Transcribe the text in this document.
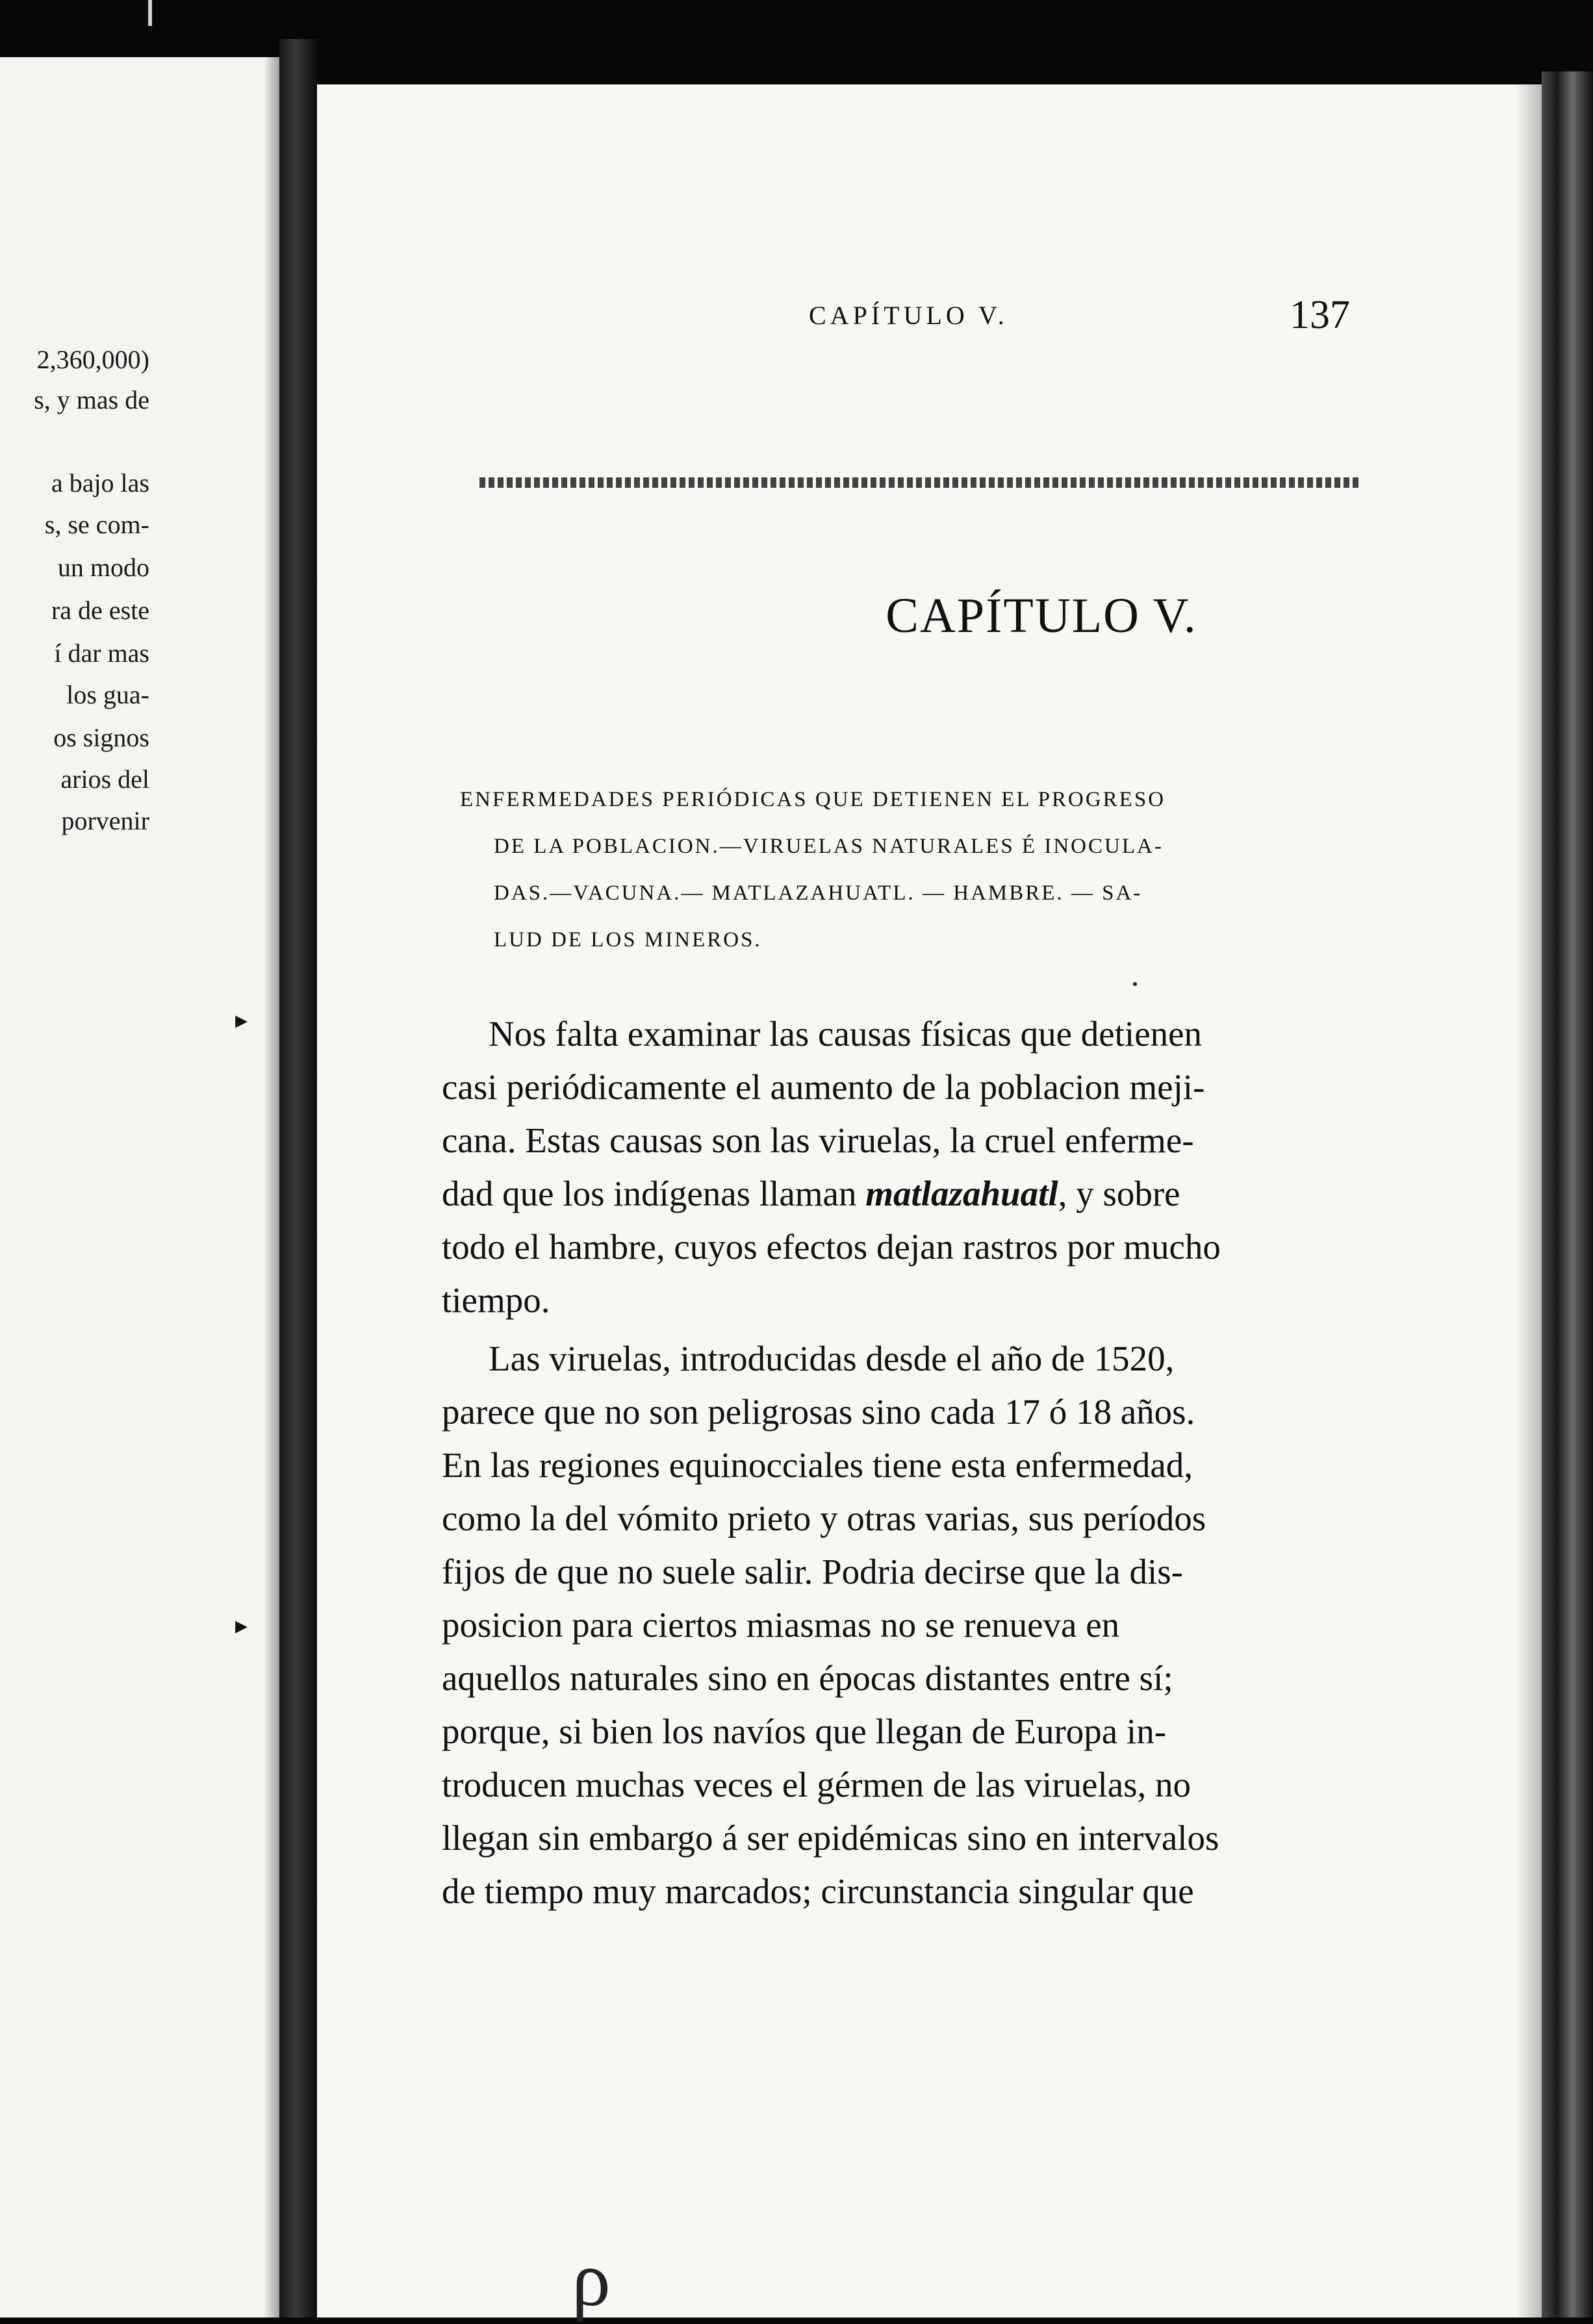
2,360,000)
s, y mas de
a bajo las
s, se com-
un modo
ra de este
í dar mas
los gua-
os signos
arios del
porvenir
▸
▸
CAPÍTULO V.	137
CAPÍTULO V.
ENFERMEDADES PERIÓDICAS QUE DETIENEN EL PROGRESO
DE LA POBLACION.—VIRUELAS NATURALES É INOCULA-
DAS.—VACUNA.— MATLAZAHUATL. — HAMBRE. — SA-
LUD DE LOS MINEROS.
Nos falta examinar las causas físicas que detienen
casi periódicamente el aumento de la poblacion meji-
cana. Estas causas son las viruelas, la cruel enferme-
dad que los indígenas llaman matlazahuatl, y sobre
todo el hambre, cuyos efectos dejan rastros por mucho
tiempo.
Las viruelas, introducidas desde el año de 1520,
parece que no son peligrosas sino cada 17 ó 18 años.
En las regiones equinocciales tiene esta enfermedad,
como la del vómito prieto y otras varias, sus períodos
fijos de que no suele salir. Podria decirse que la dis-
posicion para ciertos miasmas no se renueva en
aquellos naturales sino en épocas distantes entre sí;
porque, si bien los navíos que llegan de Europa in-
troducen muchas veces el gérmen de las viruelas, no
llegan sin embargo á ser epidémicas sino en intervalos
de tiempo muy marcados; circunstancia singular que
ρ
